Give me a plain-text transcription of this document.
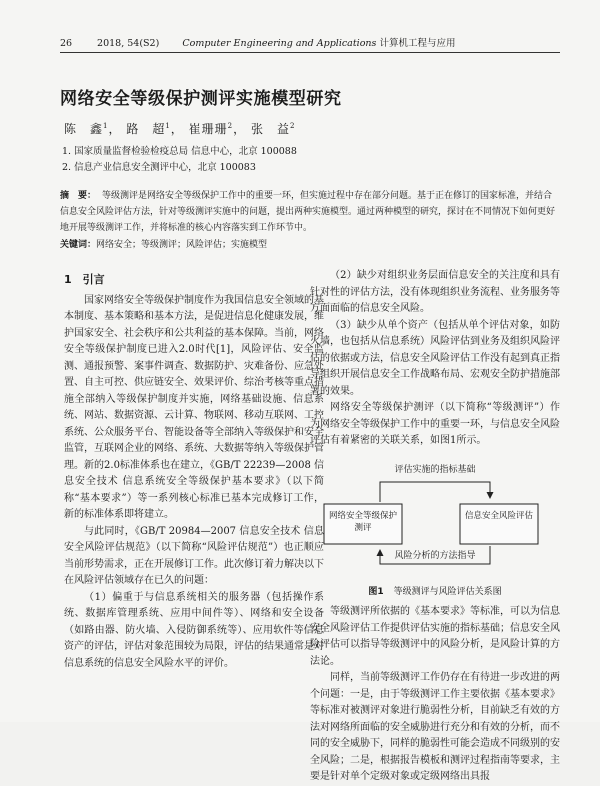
26	2018, 54(S2) Computer Engineering and Applications 计算机工程与应用
网络安全等级保护测评实施模型研究
陈　鑫$^1$， 路　超$^1$， 崔珊珊$^2$， 张　益$^2$
1. 国家质量监督检验检疫总局 信息中心，北京 100088
2. 信息产业信息安全测评中心，北京 100083
摘　要： 等级测评是网络安全等级保护工作中的重要一环，但实施过程中存在部分问题。基于正在修订的国家标准，并结合信息安全风险评估方法，针对等级测评实施中的问题，提出两种实施模型。通过两种模型的研究，探讨在不同情况下如何更好地开展等级测评工作，并将标准的核心内容落实到工作环节中。
关键词：网络安全；等级测评；风险评估；实施模型
1　引言

国家网络安全等级保护制度作为我国信息安全领域的基本制度、基本策略和基本方法，是促进信息化健康发展，维护国家安全、社会秩序和公共利益的基本保障。当前，网络安全等级保护制度已进入2.0时代[1]，风险评估、安全监测、通报预警、案事件调查、数据防护、灾难备份、应急处置、自主可控、供应链安全、效果评价、综治考核等重点措施全部纳入等级保护制度并实施，网络基础设施、信息系统、网站、数据资源、云计算、物联网、移动互联网、工控系统、公众服务平台、智能设备等全部纳入等级保护和安全监管，互联网企业的网络、系统、大数据等纳入等级保护管理。新的2.0标准体系也在建立，《GB/T 22239—2008 信息安全技术 信息系统安全等级保护基本要求》（以下简称“基本要求”）等一系列核心标准已基本完成修订工作，新的标准体系即将建立。

与此同时，《GB/T 20984—2007 信息安全技术 信息安全风险评估规范》（以下简称“风险评估规范”）也正顺应当前形势需求，正在开展修订工作。此次修订着力解决以下在风险评估领域存在已久的问题：

（1）偏重于与信息系统相关的服务器（包括操作系统、数据库管理系统、应用中间件等）、网络和安全设备（如路由器、防火墙、入侵防御系统等）、应用软件等信息资产的评估，评估对象范围较为局限，评估的结果通常是对信息系统的信息安全风险水平的评价。

（2）缺少对组织业务层面信息安全的关注度和具有针对性的评估方法，没有体现组织业务流程、业务服务等方面面临的信息安全风险。

（3）缺少从单个资产（包括从单个评估对象，如防火墙，也包括从信息系统）风险评估到业务及组织风险评估的依据或方法，信息安全风险评估工作没有起到真正指导组织开展信息安全工作战略布局、宏观安全防护措施部署的效果。

网络安全等级保护测评（以下简称“等级测评”）作为网络安全等级保护工作中的重要一环，与信息安全风险评估有着紧密的关联关系，如图1所示。

评估实施的指标基础
网络安全等级保护测评
信息安全风险评估
风险分析的方法指导
图1 等级测评与风险评估关系图

等级测评所依据的《基本要求》等标准，可以为信息安全风险评估工作提供评估实施的指标基础；信息安全风险评估可以指导等级测评中的风险分析，是风险计算的方法论。

同样，当前等级测评工作仍存在有待进一步改进的两个问题：一是，由于等级测评工作主要依据《基本要求》等标准对被测评对象进行脆弱性分析，目前缺乏有效的方法对网络所面临的安全威胁进行充分和有效的分析，而不同的安全威胁下，同样的脆弱性可能会造成不同级别的安全风险；二是，根据报告模板和测评过程指南等要求，主要是针对单个定级对象或定级网络出具报
